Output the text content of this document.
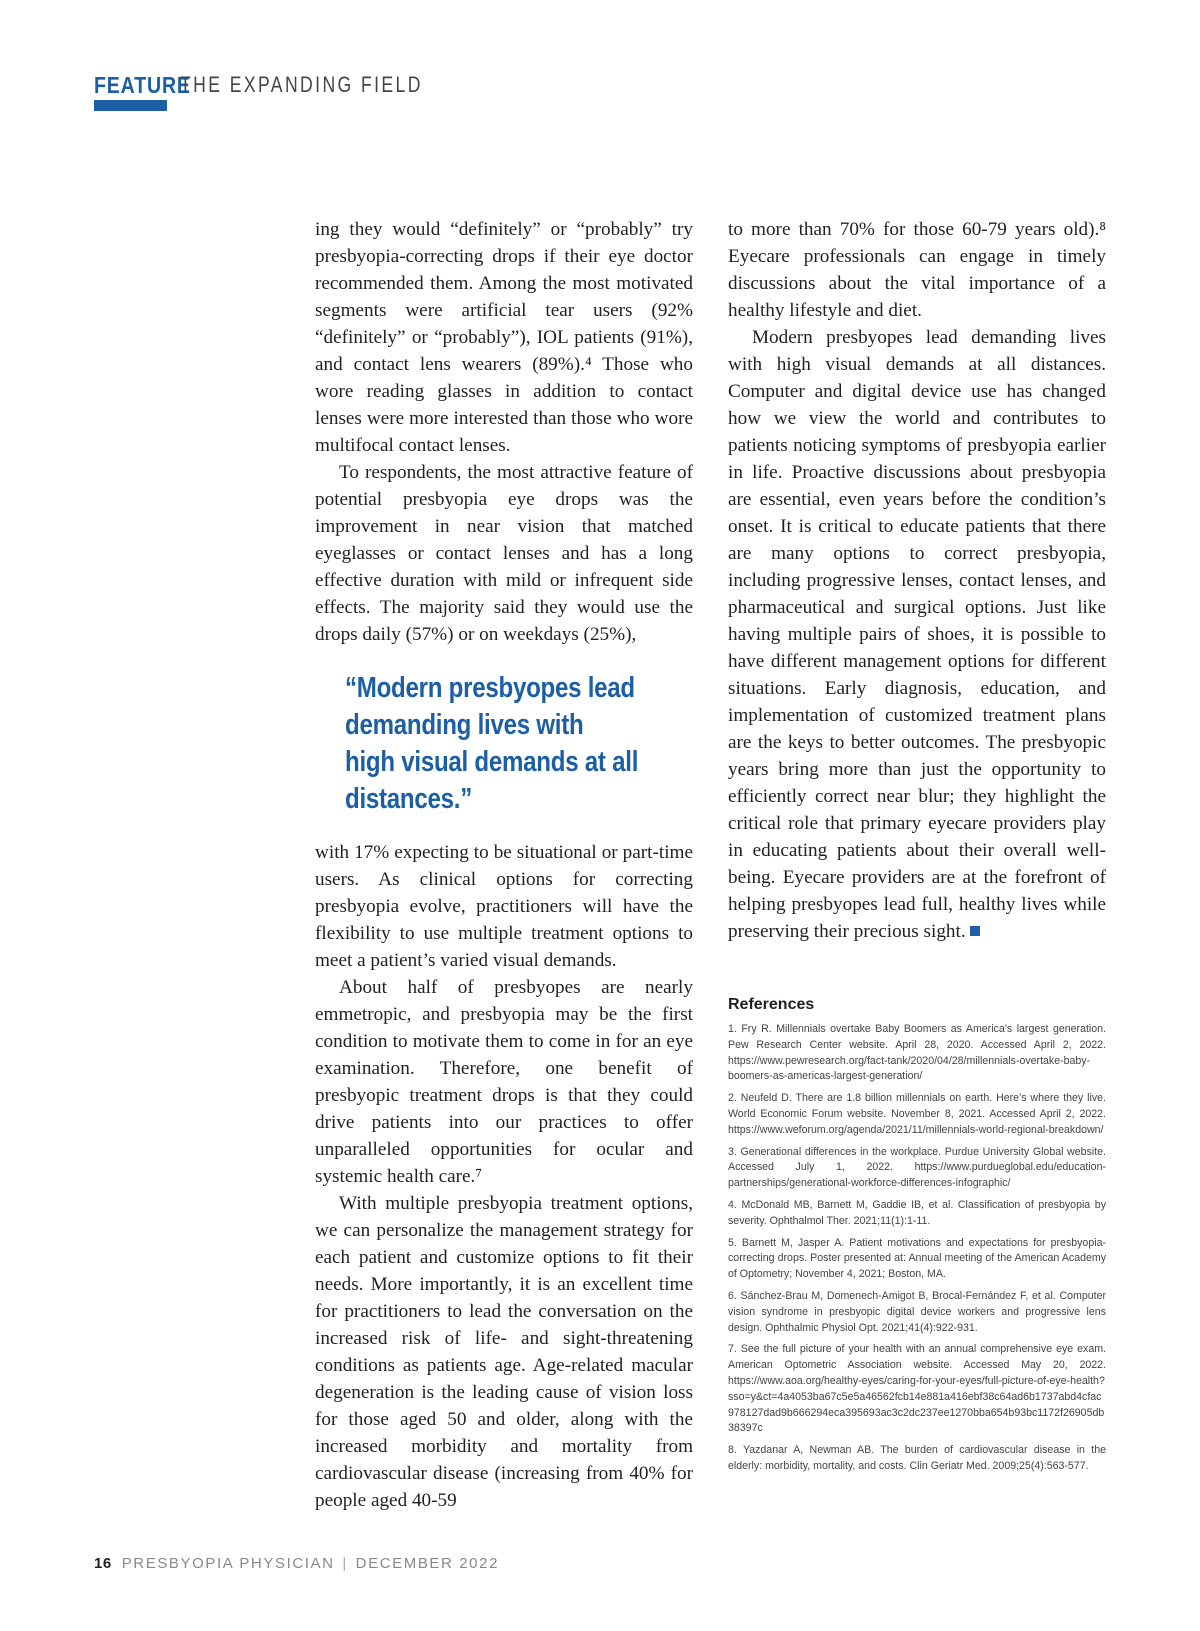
FEATURE
THE EXPANDING FIELD

ing they would “definitely” or “probably” try presbyopia-correcting drops if their eye doctor recommended them. Among the most motivated segments were artificial tear users (92% “definitely” or “probably”), IOL patients (91%), and contact lens wearers (89%).⁴ Those who wore reading glasses in addition to contact lenses were more interested than those who wore multifocal contact lenses.

To respondents, the most attractive feature of potential presbyopia eye drops was the improvement in near vision that matched eyeglasses or contact lenses and has a long effective duration with mild or infrequent side effects. The majority said they would use the drops daily (57%) or on weekdays (25%),

“Modern presbyopes lead
demanding lives with
high visual demands at all
distances.”

with 17% expecting to be situational or part-time users. As clinical options for correcting presbyopia evolve, practitioners will have the flexibility to use multiple treatment options to meet a patient’s varied visual demands.

About half of presbyopes are nearly emmetropic, and presbyopia may be the first condition to motivate them to come in for an eye examination. Therefore, one benefit of presbyopic treatment drops is that they could drive patients into our practices to offer unparalleled opportunities for ocular and systemic health care.⁷

With multiple presbyopia treatment options, we can personalize the management strategy for each patient and customize options to fit their needs. More importantly, it is an excellent time for practitioners to lead the conversation on the increased risk of life- and sight-threatening conditions as patients age. Age-related macular degeneration is the leading cause of vision loss for those aged 50 and older, along with the increased morbidity and mortality from cardiovascular disease (increasing from 40% for people aged 40-59

to more than 70% for those 60-79 years old).⁸ Eyecare professionals can engage in timely discussions about the vital importance of a healthy lifestyle and diet.

Modern presbyopes lead demanding lives with high visual demands at all distances. Computer and digital device use has changed how we view the world and contributes to patients noticing symptoms of presbyopia earlier in life. Proactive discussions about presbyopia are essential, even years before the condition’s onset. It is critical to educate patients that there are many options to correct presbyopia, including progressive lenses, contact lenses, and pharmaceutical and surgical options. Just like having multiple pairs of shoes, it is possible to have different management options for different situations. Early diagnosis, education, and implementation of customized treatment plans are the keys to better outcomes. The presbyopic years bring more than just the opportunity to efficiently correct near blur; they highlight the critical role that primary eyecare providers play in educating patients about their overall well-being. Eyecare providers are at the forefront of helping presbyopes lead full, healthy lives while preserving their precious sight.

References
1. Fry R. Millennials overtake Baby Boomers as America’s largest generation. Pew Research Center website. April 28, 2020. Accessed April 2, 2022. https://www.pewresearch.org/fact-tank/2020/04/28/millennials-overtake-baby-boomers-as-americas-largest-generation/
2. Neufeld D. There are 1.8 billion millennials on earth. Here’s where they live. World Economic Forum website. November 8, 2021. Accessed April 2, 2022. https://www.weforum.org/agenda/2021/11/millennials-world-regional-breakdown/
3. Generational differences in the workplace. Purdue University Global website. Accessed July 1, 2022. https://www.purdueglobal.edu/education-partnerships/generational-workforce-differences-infographic/
4. McDonald MB, Barnett M, Gaddie IB, et al. Classification of presbyopia by severity. Ophthalmol Ther. 2021;11(1):1-11.
5. Barnett M, Jasper A. Patient motivations and expectations for presbyopia-correcting drops. Poster presented at: Annual meeting of the American Academy of Optometry; November 4, 2021; Boston, MA.
6. Sánchez-Brau M, Domenech-Amigot B, Brocal-Fernández F, et al. Computer vision syndrome in presbyopic digital device workers and progressive lens design. Ophthalmic Physiol Opt. 2021;41(4):922-931.
7. See the full picture of your health with an annual comprehensive eye exam. American Optometric Association website. Accessed May 20, 2022. https://www.aoa.org/healthy-eyes/caring-for-your-eyes/full-picture-of-eye-health?sso=y&ct=4a4053ba67c5e5a46562fcb14e881a416ebf38c64ad6b1737abd4cfac978127dad9b666294eca395693ac3c2dc237ee1270bba654b93bc1172f26905db38397c
8. Yazdanar A, Newman AB. The burden of cardiovascular disease in the elderly: morbidity, mortality, and costs. Clin Geriatr Med. 2009;25(4):563-577.
16 PRESBYOPIA PHYSICIAN | DECEMBER 2022
